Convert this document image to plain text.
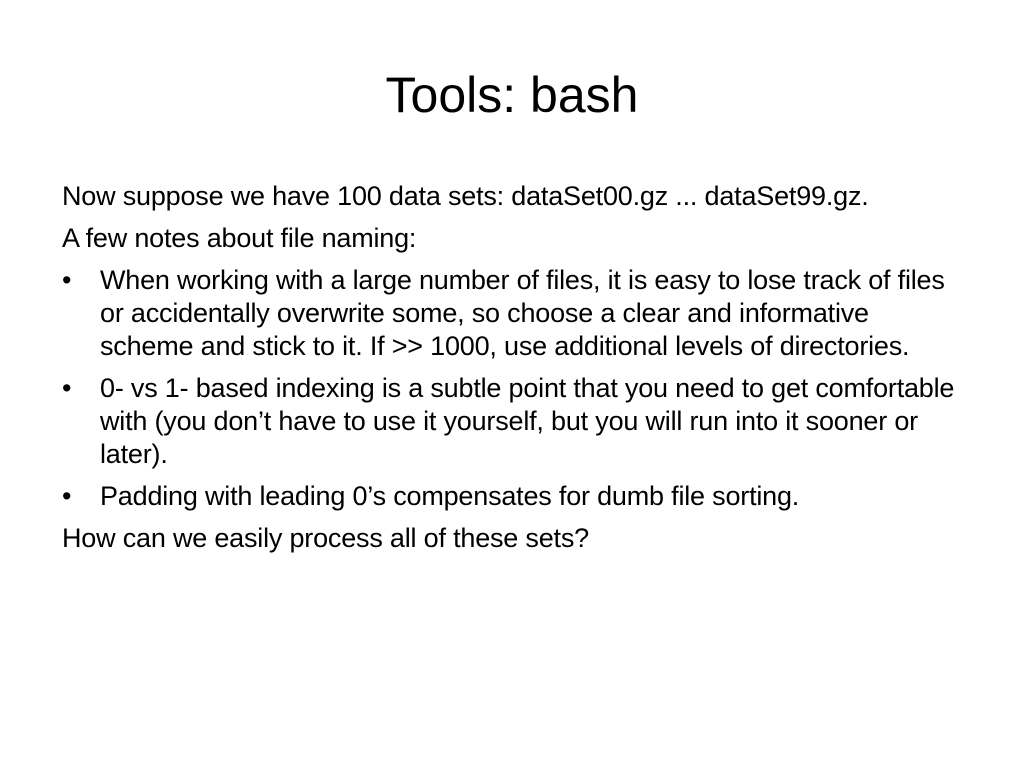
Tools: bash

Now suppose we have 100 data sets: dataSet00.gz ... dataSet99.gz.

A few notes about file naming:

•	When working with a large number of files, it is easy to lose track of files or accidentally overwrite some, so choose a clear and informative scheme and stick to it. If >> 1000, use additional levels of directories.
•	0- vs 1- based indexing is a subtle point that you need to get comfortable with (you don’t have to use it yourself, but you will run into it sooner or later).
•	Padding with leading 0’s compensates for dumb file sorting.

How can we easily process all of these sets?
